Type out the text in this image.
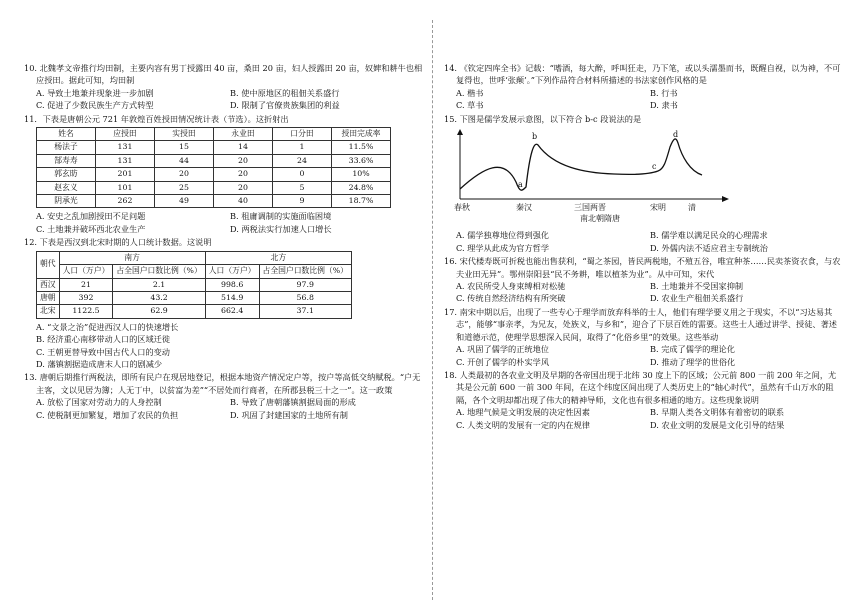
10. 北魏孝文帝推行均田制，主要内容有男丁授露田 40 亩，桑田 20 亩，妇人授露田 20 亩，奴婢和耕牛也相应授田。据此可知，均田制
A. 导致土地兼并现象进一步加剧	B. 使中原地区的租佃关系盛行
C. 促进了少数民族生产方式转型	D. 限制了官僚贵族集团的利益
11．下表是唐朝公元 721 年敦煌百姓授田情况统计表（节选）。这折射出
姓名	应授田	实授田	永业田	口分田	授田完成率
杨法子	131	15	14	1	11.5%
郜寿寿	131	44	20	24	33.6%
郭玄昉	201	20	20	0	10%
赵玄义	101	25	20	5	24.8%
阴承光	262	49	40	9	18.7%
A. 安史之乱加剧授田不足问题	B. 租庸调制的实施面临困境
C. 土地兼并破坏西北农业生产	D. 两税法实行加速人口增长
12. 下表是西汉到北宋时期的人口统计数据。这说明
朝代	南方		北方	
	人口（万户）	占全国户口数比例（%）	人口（万户）	占全国户口数比例（%）
西汉	21	2.1	998.6	97.9
唐朝	392	43.2	514.9	56.8
北宋	1122.5	62.9	662.4	37.1
A. “文景之治”促进西汉人口的快速增长
B. 经济重心南移带动人口的区域迁徙
C. 王朝更替导致中国古代人口的变动
D. 藩镇割据造成唐末人口的剧减少
13. 唐朝后期推行两税法，即所有民户在现居地登记，根据本地资产情况定户等，按户等高低交纳赋税。“户无主客，文以见居为簿；人无丁中，以贫富为差”“不居处而行商者，在所郡县税三十之一”。这一政策
A. 放松了国家对劳动力的人身控制	B. 导致了唐朝藩镇割据局面的形成
C. 使税制更加繁复，增加了农民的负担	D. 巩固了封建国家的土地所有制
14. 《钦定四库全书》记载：“嗜酒，每大醉，呼叫狂走，乃下笔，或以头濡墨而书，既醒自视，以为神，不可复得也，世呼‘张颠’。”下列作品符合材料所描述的书法家创作风格的是
A. 楷书	B. 行书
C. 草书	D. 隶书
15. 下图是儒学发展示意图，以下符合 b-c 段说法的是
a
b
c
d
春秋	秦汉	三国两晋	宋明	清
南北朝隋唐
A. 儒学独尊地位得到强化	B. 儒学难以满足民众的心理需求
C. 理学从此成为官方哲学	D. 外儒内法不适应君主专制统治
16. 宋代楼寿既可折税也能出售获利，“蜀之茶园，皆民两税地，不殖五谷，唯宜种茶……民卖茶资衣食，与农夫业田无异”。鄂州崇阳县“民不务耕，唯以植茶为业”。从中可知，宋代
A. 农民所受人身束缚相对松驰	B. 土地兼并不受国家抑制
C. 传统自然经济结构有所突破	D. 农业生产租佃关系盛行
17. 南宋中期以后，出现了一些专心于理学而放弃科举的士人，他们有理学要义用之于现实，不以“习达易其志”，能够“事亲孝，为兄友，处族义，与乡和”，迎合了下层百姓的需要。这些士人通过讲学、授徒、著述和道德示范，使理学思想深入民间，取得了“化俗乡里”的效果。这些举动
A. 巩固了儒学的正统地位	B. 完成了儒学的理论化
C. 开创了儒学的朴实学风	D. 推动了理学的世俗化
18. 人类最初的各农业文明及早期的各帝国出现于北纬 30 度上下的区域；公元前 800 一前 200 年之间，尤其是公元前 600 一前 300 年间，在这个纬度区间出现了人类历史上的“轴心时代”，虽然有千山万水的阻隔，各个文明却都出现了伟大的精神导师，文化也有很多相通的地方。这些现象说明
A. 地理气候是文明发展的决定性因素	B. 早期人类各文明体有着密切的联系
C. 人类文明的发展有一定的内在规律	D. 农业文明的发展是文化引导的结果
